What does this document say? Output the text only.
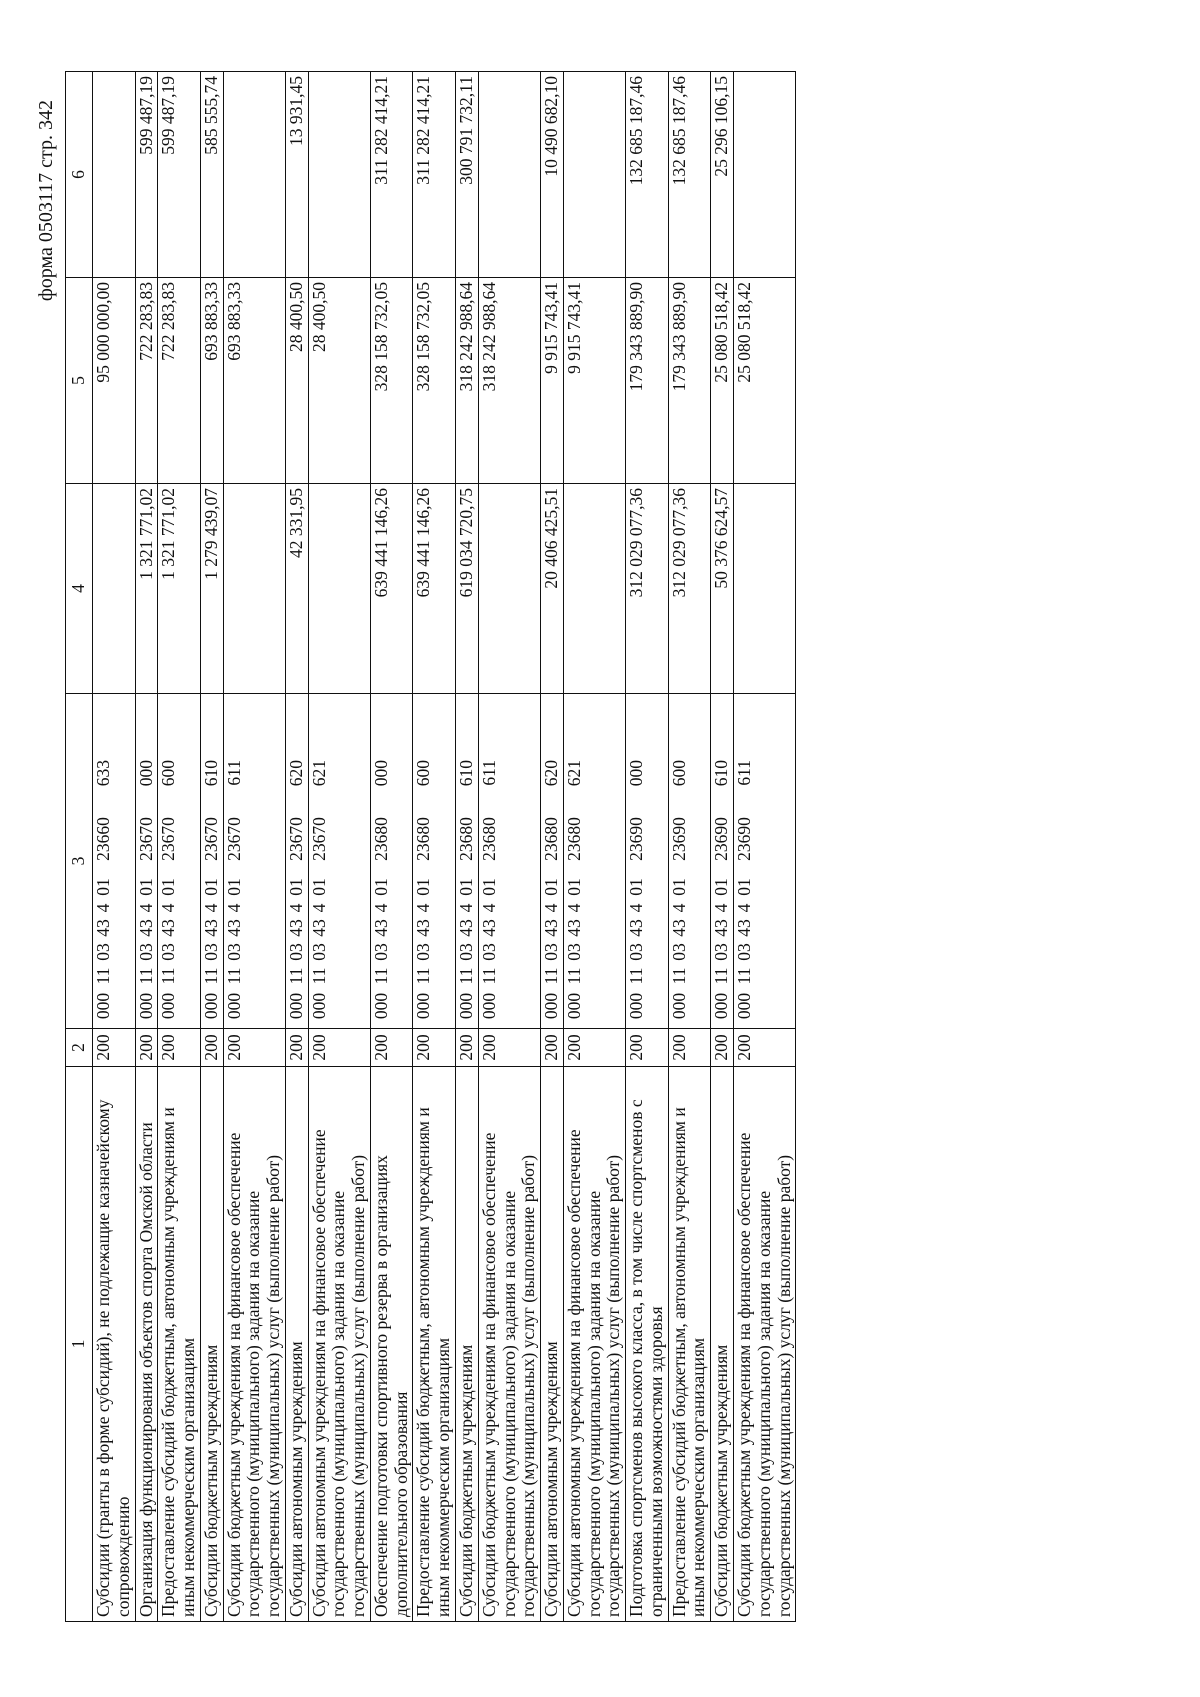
форма 0503117 стр. 342
1	2	3	4	5	6
Субсидии (гранты в форме субсидий), не подлежащие казначейскому сопровождению	200	00011034340123660633		95 000 000,00	
Организация функционирования объектов спорта Омской области	200	00011034340123670000	1 321 771,02	722 283,83	599 487,19
Предоставление субсидий бюджетным, автономным учреждениям и иным некоммерческим организациям	200	00011034340123670600	1 321 771,02	722 283,83	599 487,19
Субсидии бюджетным учреждениям	200	00011034340123670610	1 279 439,07	693 883,33	585 555,74
Субсидии бюджетным учреждениям на финансовое обеспечение государственного (муниципального) задания на оказание государственных (муниципальных) услуг (выполнение работ)	200	00011034340123670611		693 883,33	
Субсидии автономным учреждениям	200	00011034340123670620	42 331,95	28 400,50	13 931,45
Субсидии автономным учреждениям на финансовое обеспечение государственного (муниципального) задания на оказание государственных (муниципальных) услуг (выполнение работ)	200	00011034340123670621		28 400,50	
Обеспечение подготовки спортивного резерва в организациях дополнительного образования	200	00011034340123680000	639 441 146,26	328 158 732,05	311 282 414,21
Предоставление субсидий бюджетным, автономным учреждениям и иным некоммерческим организациям	200	00011034340123680600	639 441 146,26	328 158 732,05	311 282 414,21
Субсидии бюджетным учреждениям	200	00011034340123680610	619 034 720,75	318 242 988,64	300 791 732,11
Субсидии бюджетным учреждениям на финансовое обеспечение государственного (муниципального) задания на оказание государственных (муниципальных) услуг (выполнение работ)	200	00011034340123680611		318 242 988,64	
Субсидии автономным учреждениям	200	00011034340123680620	20 406 425,51	9 915 743,41	10 490 682,10
Субсидии автономным учреждениям на финансовое обеспечение государственного (муниципального) задания на оказание государственных (муниципальных) услуг (выполнение работ)	200	00011034340123680621		9 915 743,41	
Подготовка спортсменов высокого класса, в том числе спортсменов с ограниченными возможностями здоровья	200	00011034340123690000	312 029 077,36	179 343 889,90	132 685 187,46
Предоставление субсидий бюджетным, автономным учреждениям и иным некоммерческим организациям	200	00011034340123690600	312 029 077,36	179 343 889,90	132 685 187,46
Субсидии бюджетным учреждениям	200	00011034340123690610	50 376 624,57	25 080 518,42	25 296 106,15
Субсидии бюджетным учреждениям на финансовое обеспечение государственного (муниципального) задания на оказание государственных (муниципальных) услуг (выполнение работ)	200	00011034340123690611		25 080 518,42	
